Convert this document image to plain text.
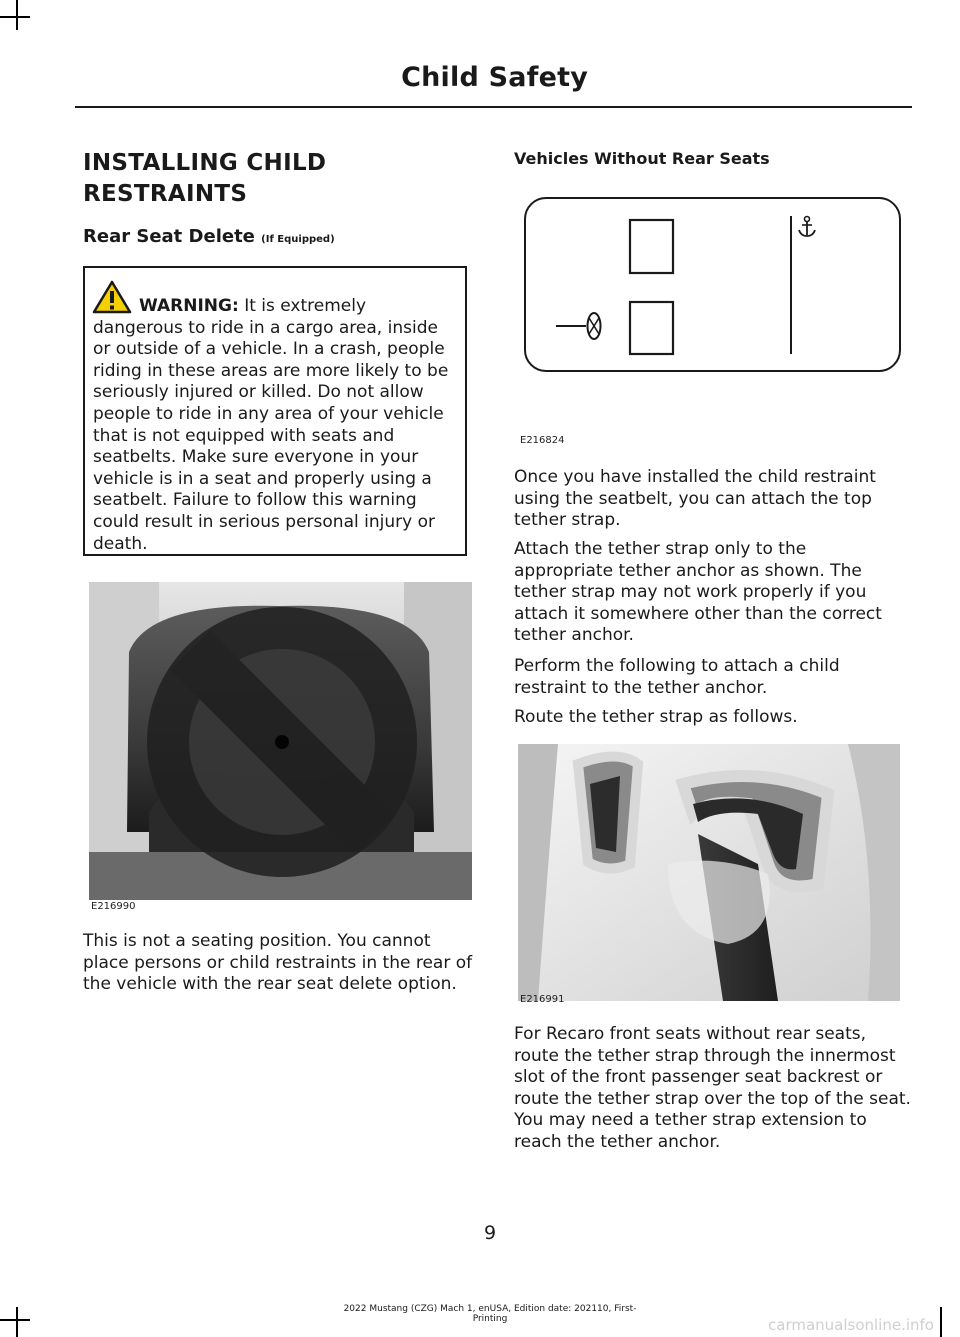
Child Safety
INSTALLING CHILD RESTRAINTS
Rear Seat Delete (If Equipped)
WARNING: It is extremely dangerous to ride in a cargo area, inside or outside of a vehicle. In a crash, people riding in these areas are more likely to be seriously injured or killed. Do not allow people to ride in any area of your vehicle that is not equipped with seats and seatbelts. Make sure everyone in your vehicle is in a seat and properly using a seatbelt. Failure to follow this warning could result in serious personal injury or death.
E216990
This is not a seating position. You cannot place persons or child restraints in the rear of the vehicle with the rear seat delete option.
Vehicles Without Rear Seats
E216824
Once you have installed the child restraint using the seatbelt, you can attach the top tether strap.
Attach the tether strap only to the appropriate tether anchor as shown. The tether strap may not work properly if you attach it somewhere other than the correct tether anchor.
Perform the following to attach a child restraint to the tether anchor.
Route the tether strap as follows.
E216991
For Recaro front seats without rear seats, route the tether strap through the innermost slot of the front passenger seat backrest or route the tether strap over the top of the seat. You may need a tether strap extension to reach the tether anchor.
9
2022 Mustang (CZG) Mach 1, enUSA, Edition date: 202110, First-Printing	carmanualsonline.info
